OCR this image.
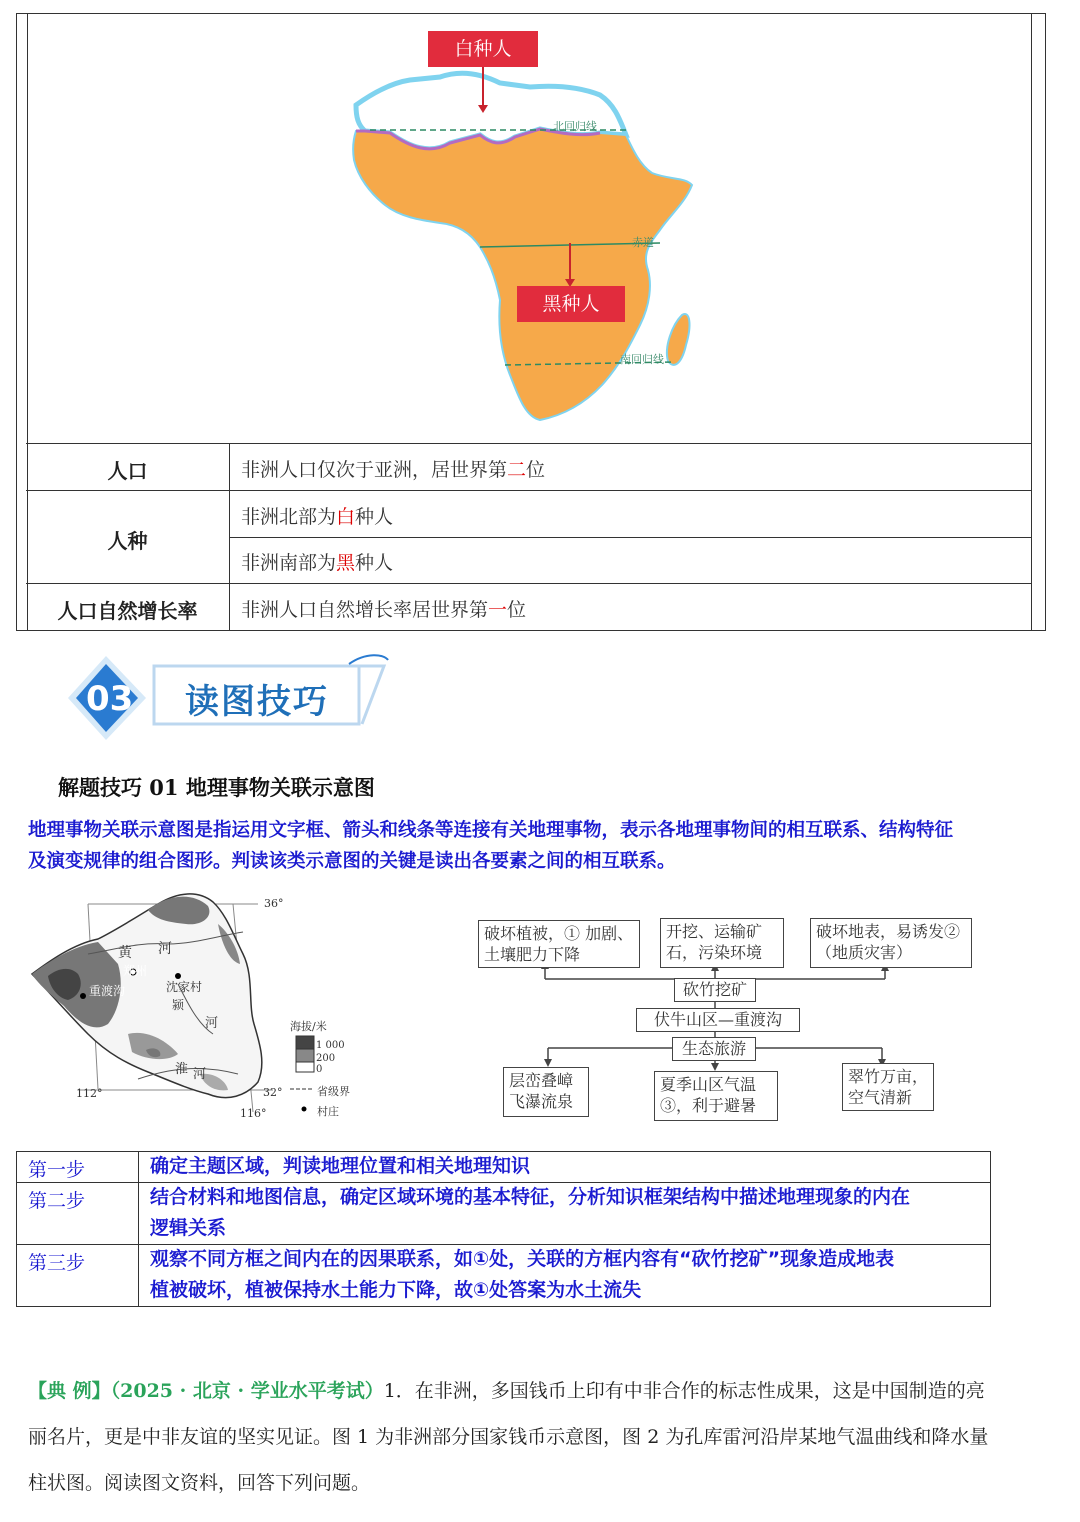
白种人
黑种人
北回归线
赤道
南回归线
人口	非洲人口仅次于亚洲，居世界第二位
人种
非洲北部为白种人
非洲南部为黑种人
人口自然增长率	非洲人口自然增长率居世界第一位
03 读图技巧
解题技巧 01 地理事物关联示意图
地理事物关联示意图是指运用文字框、箭头和线条等连接有关地理事物，表示各地理事物间的相互联系、结构特征
及演变规律的组合图形。判读该类示意图的关键是读出各要素之间的相互联系。
36°
32°
112°
116°
黄 河
郑州
重渡沟	沈家村
颍
河
淮 河
海拔/米
1 000
200
0
省级界
村庄
破坏植被，① 加剧、土壤肥力下降
开挖、运输矿石，污染环境
破坏地表，易诱发②（地质灾害）
砍竹挖矿
伏牛山区—重渡沟
生态旅游
层峦叠嶂飞瀑流泉
夏季山区气温③，利于避暑
翠竹万亩，空气清新
第一步	确定主题区域，判读地理位置和相关地理知识
第二步	结合材料和地图信息，确定区域环境的基本特征，分析知识框架结构中描述地理现象的内在
逻辑关系
第三步	观察不同方框之间内在的因果联系，如①处，关联的方框内容有“砍竹挖矿”现象造成地表
植被破坏，植被保持水土能力下降，故①处答案为水土流失
【典 例】（2025 · 北京 · 学业水平考试）1．在非洲，多国钱币上印有中非合作的标志性成果，这是中国制造的亮
丽名片，更是中非友谊的坚实见证。图 1 为非洲部分国家钱币示意图，图 2 为孔库雷河沿岸某地气温曲线和降水量
柱状图。阅读图文资料，回答下列问题。
